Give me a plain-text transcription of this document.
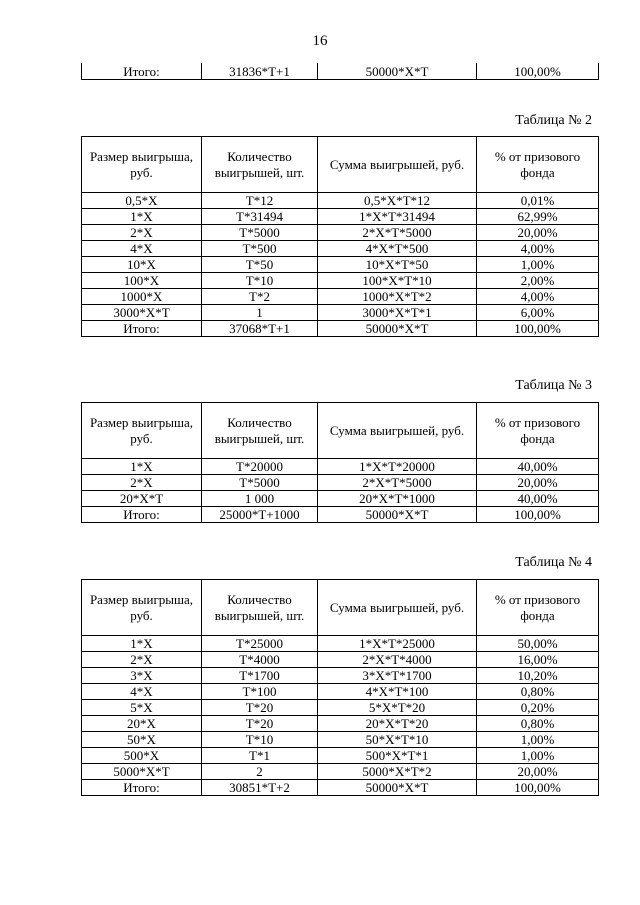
16
Итого:	31836*Т+1	50000*Х*Т	100,00%
Таблица № 2
Размер выигрыша, руб.	Количество выигрышей, шт.	Сумма выигрышей, руб.	% от призового фонда
0,5*Х	Т*12	0,5*Х*Т*12	0,01%
1*Х	Т*31494	1*Х*Т*31494	62,99%
2*Х	Т*5000	2*Х*Т*5000	20,00%
4*Х	Т*500	4*Х*Т*500	4,00%
10*Х	Т*50	10*Х*Т*50	1,00%
100*Х	Т*10	100*Х*Т*10	2,00%
1000*Х	Т*2	1000*Х*Т*2	4,00%
3000*Х*Т	1	3000*Х*Т*1	6,00%
Итого:	37068*Т+1	50000*Х*Т	100,00%
Таблица № 3
Размер выигрыша, руб.	Количество выигрышей, шт.	Сумма выигрышей, руб.	% от призового фонда
1*Х	Т*20000	1*Х*Т*20000	40,00%
2*Х	Т*5000	2*Х*Т*5000	20,00%
20*Х*Т	1 000	20*Х*Т*1000	40,00%
Итого:	25000*Т+1000	50000*Х*Т	100,00%
Таблица № 4
Размер выигрыша, руб.	Количество выигрышей, шт.	Сумма выигрышей, руб.	% от призового фонда
1*Х	Т*25000	1*Х*Т*25000	50,00%
2*Х	Т*4000	2*Х*Т*4000	16,00%
3*Х	Т*1700	3*Х*Т*1700	10,20%
4*Х	Т*100	4*Х*Т*100	0,80%
5*Х	Т*20	5*Х*Т*20	0,20%
20*Х	Т*20	20*Х*Т*20	0,80%
50*Х	Т*10	50*Х*Т*10	1,00%
500*Х	Т*1	500*Х*Т*1	1,00%
5000*Х*Т	2	5000*Х*Т*2	20,00%
Итого:	30851*Т+2	50000*Х*Т	100,00%
